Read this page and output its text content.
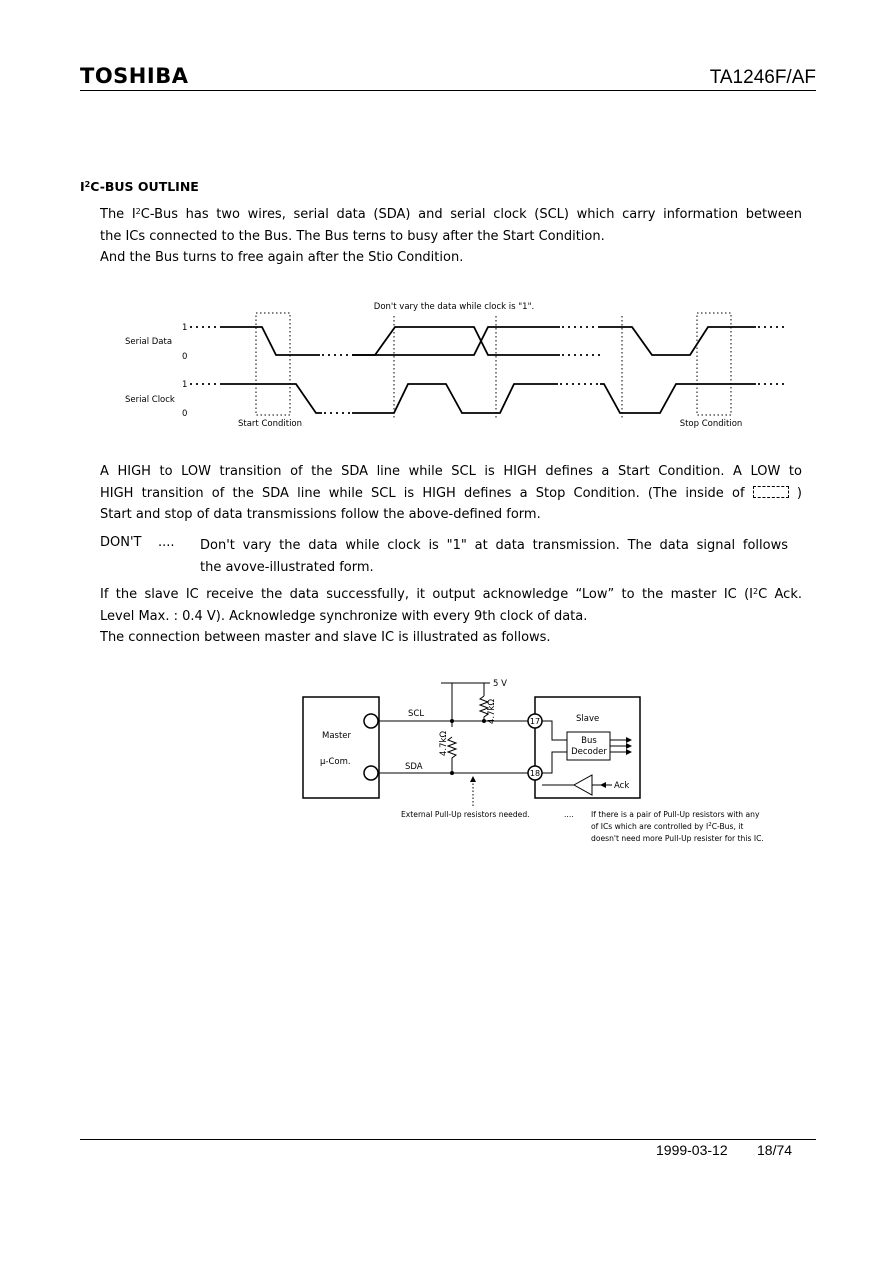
TOSHIBA	TA1246F/AF
$I^2C$-BUS OUTLINE
The $I^2C$-Bus has two wires, serial data (SDA) and serial clock (SCL) which carry information between
the ICs connected to the Bus. The Bus terns to busy after the Start Condition.
And the Bus turns to free again after the Stio Condition.
Don't vary the data while clock is "1".
Serial Data
Serial Clock
1
0
1
0
Start Condition	Stop Condition
A HIGH to LOW transition of the SDA line while SCL is HIGH defines a Start Condition. A LOW to
HIGH transition of the SDA line while SCL is HIGH defines a Stop Condition. (The inside of	)
Start and stop of data transmissions follow the above-defined form.
DON'T .... Don't vary the data while clock is "1" at data transmission. The data signal follows
the avove-illustrated form.
If the slave IC receive the data successfully, it output acknowledge “Low” to the master IC ($I^2C$ Ack.
Level Max. : 0.4 V). Acknowledge synchronize with every 9th clock of data.
The connection between master and slave IC is illustrated as follows.
5 V
4.7kΩ
4.7kΩ
Master
μ-Com.
SCL
SDA
Slave
Bus
Decoder
17
18
Ack
External Pull-Up resistors needed.	.... If there is a pair of Pull-Up resistors with any
of ICs which are controlled by $I^2C$-Bus, it
doesn't need more Pull-Up resister for this IC.
1999-03-12 18/74
